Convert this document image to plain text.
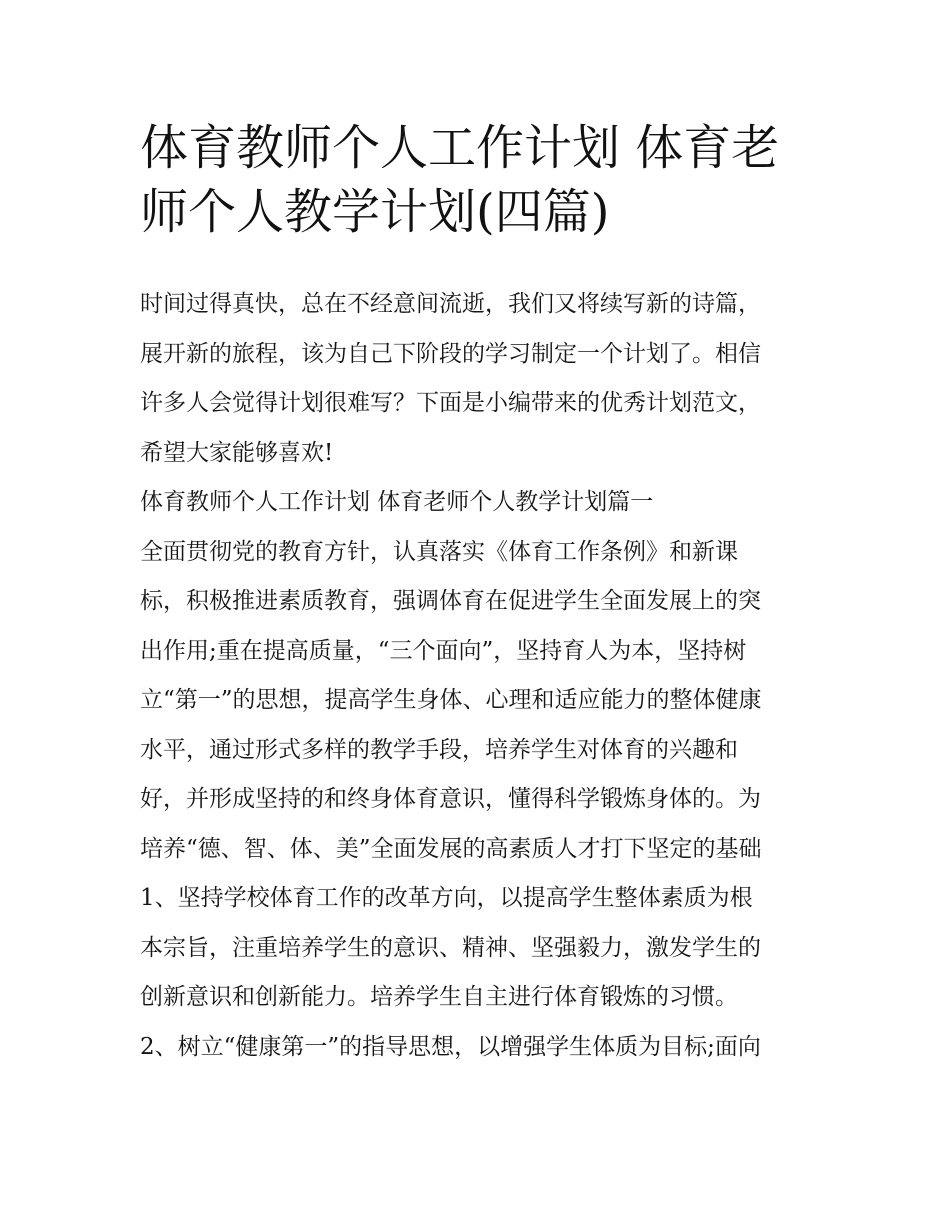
体育教师个人工作计划 体育老
师个人教学计划(四篇)
时间过得真快，总在不经意间流逝，我们又将续写新的诗篇，
展开新的旅程，该为自己下阶段的学习制定一个计划了。相信
许多人会觉得计划很难写？下面是小编带来的优秀计划范文，
希望大家能够喜欢!
体育教师个人工作计划 体育老师个人教学计划篇一
全面贯彻党的教育方针，认真落实《体育工作条例》和新课
标，积极推进素质教育，强调体育在促进学生全面发展上的突
出作用;重在提高质量，“三个面向”，坚持育人为本，坚持树
立“第一”的思想，提高学生身体、心理和适应能力的整体健康
水平，通过形式多样的教学手段，培养学生对体育的兴趣和
好，并形成坚持的和终身体育意识，懂得科学锻炼身体的。为
培养“德、智、体、美”全面发展的高素质人才打下坚定的基础
1、坚持学校体育工作的改革方向，以提高学生整体素质为根
本宗旨，注重培养学生的意识、精神、坚强毅力，激发学生的
创新意识和创新能力。培养学生自主进行体育锻炼的习惯。
2、树立“健康第一”的指导思想，以增强学生体质为目标;面向
